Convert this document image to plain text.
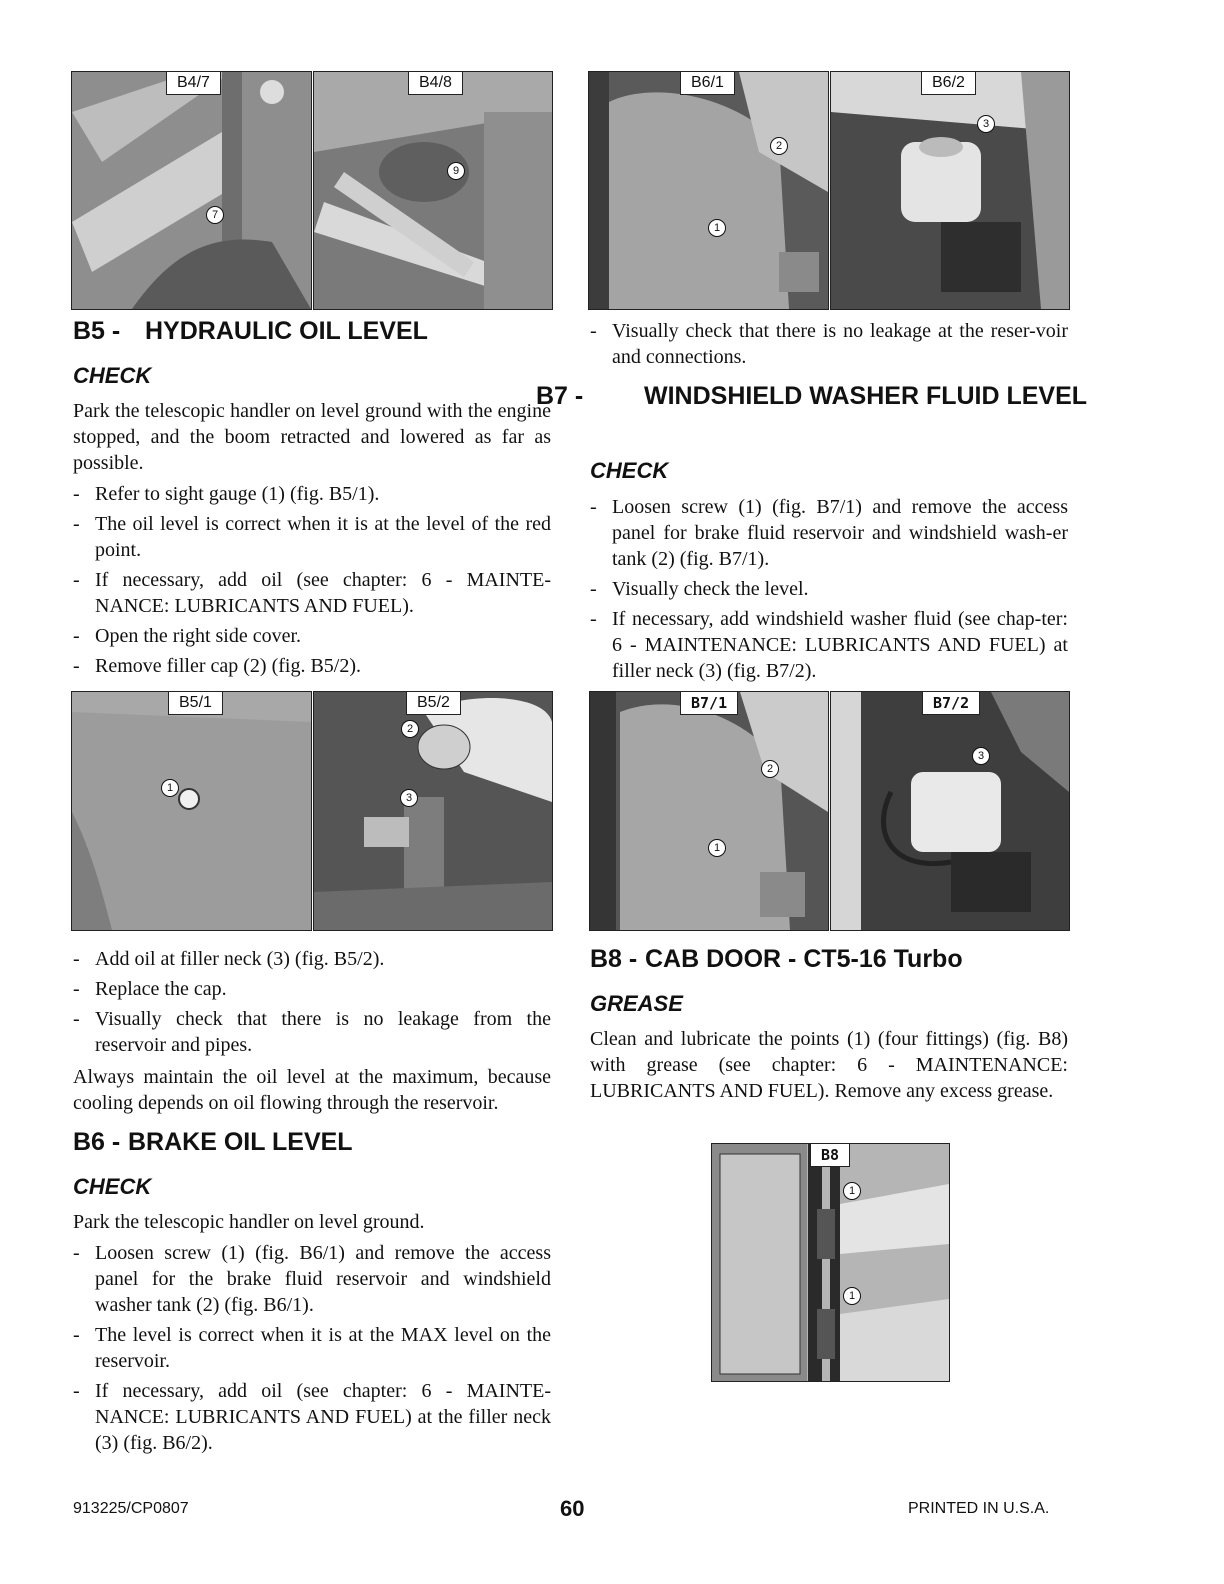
B4/7
7
B4/8
9
B6/1
2
1
B6/2
3
B5 - HYDRAULIC OIL LEVEL
CHECK

Park the telescopic handler on level ground with the engine stopped, and the boom retracted and lowered as far as possible.

- Refer to sight gauge (1) (fig. B5/1).
- The oil level is correct when it is at the level of the red point.
- If necessary, add oil (see chapter: 6 - MAINTE-NANCE: LUBRICANTS AND FUEL).
- Open the right side cover.
- Remove filler cap (2) (fig. B5/2).
- Add oil at filler neck (3) (fig. B5/2).
- Replace the cap.
- Visually check that there is no leakage from the reservoir and pipes.

Always maintain the oil level at the maximum, because cooling depends on oil flowing through the reservoir.

B6 - BRAKE OIL LEVEL
CHECK

Park the telescopic handler on level ground.

- Loosen screw (1) (fig. B6/1) and remove the access panel for the brake fluid reservoir and windshield washer tank (2) (fig. B6/1).
- The level is correct when it is at the MAX level on the reservoir.
- If necessary, add oil (see chapter: 6 - MAINTE-NANCE: LUBRICANTS AND FUEL) at the filler neck (3) (fig. B6/2).
B5/1
1
B5/2
2
3
- Visually check that there is no leakage at the reser-voir and connections.
B7 - WINDSHIELD WASHER FLUID LEVEL
CHECK
- Loosen screw (1) (fig. B7/1) and remove the access panel for brake fluid reservoir and windshield wash-er tank (2) (fig. B7/1).
- Visually check the level.
- If necessary, add windshield washer fluid (see chap-ter: 6 - MAINTENANCE: LUBRICANTS AND FUEL) at filler neck (3) (fig. B7/2).
B8 - CAB DOOR - CT5-16 Turbo
GREASE

Clean and lubricate the points (1) (four fittings) (fig. B8) with grease (see chapter: 6 - MAINTENANCE: LUBRICANTS AND FUEL). Remove any excess grease.

B7/1
2
1
B7/2
3
B8
1
1
913225/CP0807	60	PRINTED IN U.S.A.
